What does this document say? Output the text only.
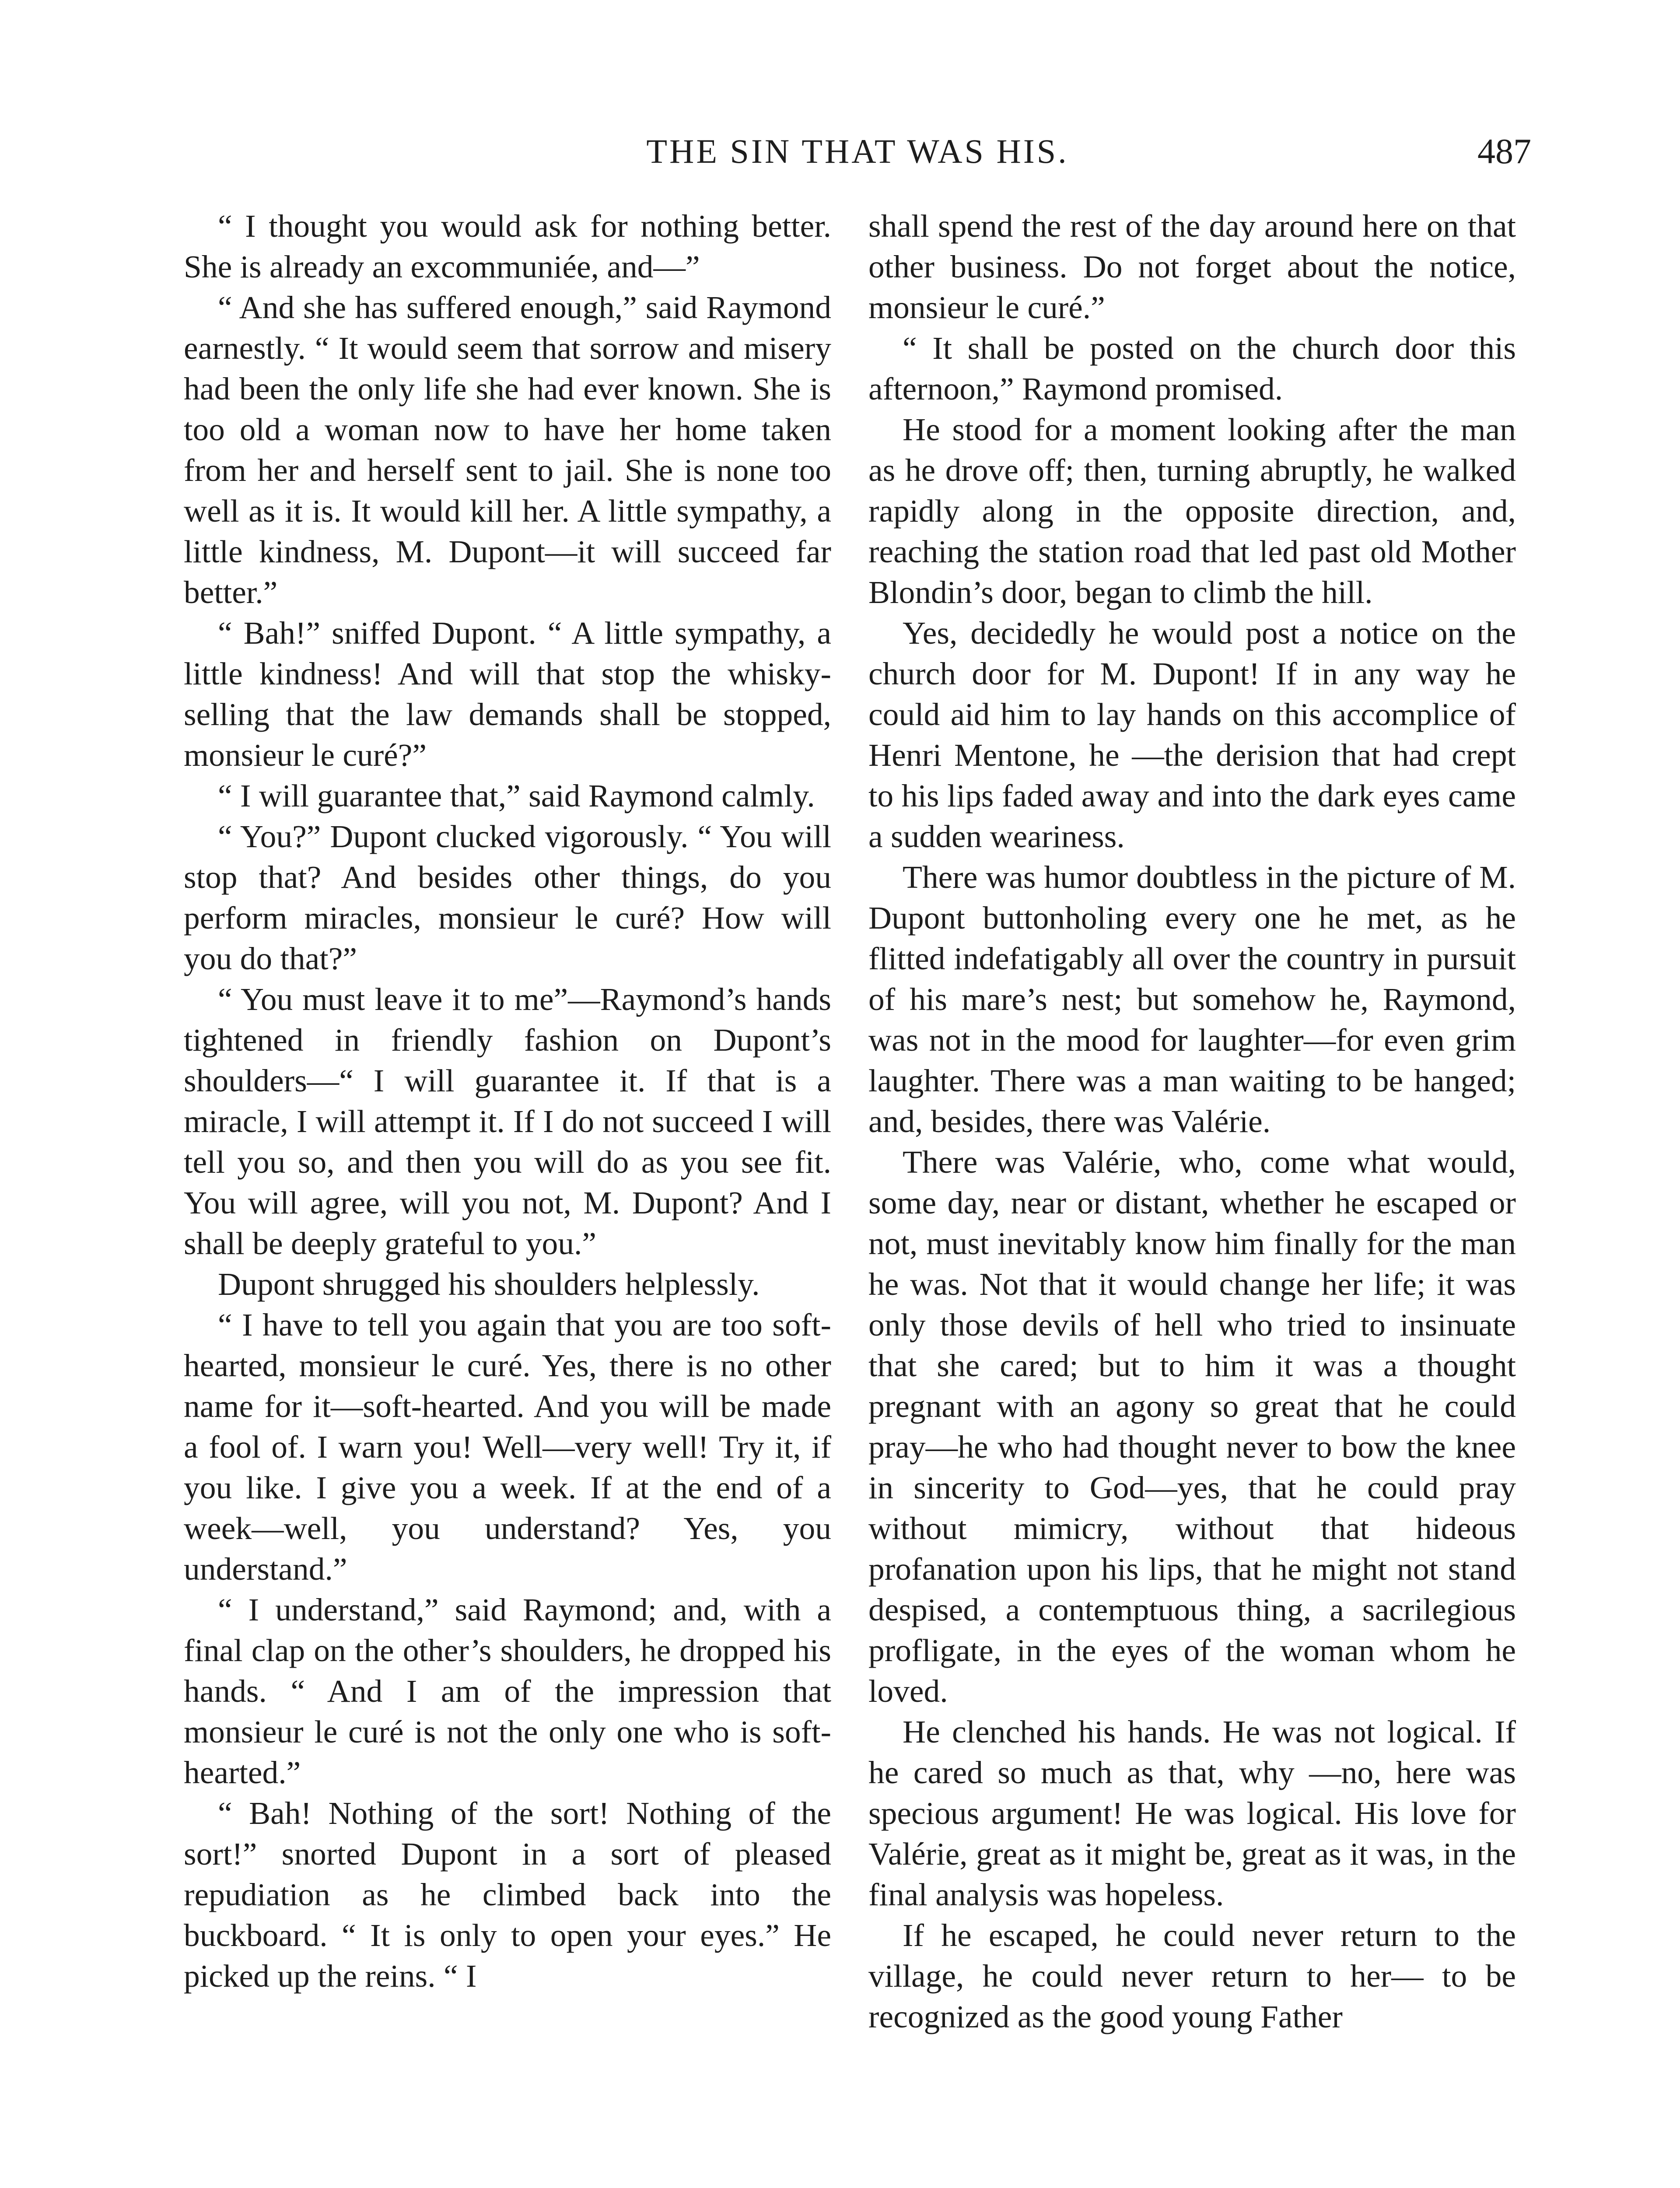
THE SIN THAT WAS HIS.	487

“ I thought you would ask for nothing better. She is already an excommuniée, and—”

“ And she has suffered enough,” said Raymond earnestly. “ It would seem that sorrow and misery had been the only life she had ever known. She is too old a woman now to have her home taken from her and herself sent to jail. She is none too well as it is. It would kill her. A little sympathy, a little kindness, M. Dupont—it will succeed far better.”

“ Bah!” sniffed Dupont. “ A little sympathy, a little kindness! And will that stop the whisky-selling that the law demands shall be stopped, monsieur le curé?”

“ I will guarantee that,” said Raymond calmly.

“ You?” Dupont clucked vigorously. “ You will stop that? And besides other things, do you perform miracles, monsieur le curé? How will you do that?”

“ You must leave it to me”—Raymond’s hands tightened in friendly fashion on Dupont’s shoulders—“ I will guarantee it. If that is a miracle, I will attempt it. If I do not succeed I will tell you so, and then you will do as you see fit. You will agree, will you not, M. Dupont? And I shall be deeply grateful to you.”

Dupont shrugged his shoulders helplessly.

“ I have to tell you again that you are too soft-hearted, monsieur le curé. Yes, there is no other name for it—soft-hearted. And you will be made a fool of. I warn you! Well—very well! Try it, if you like. I give you a week. If at the end of a week—well, you understand? Yes, you understand.”

“ I understand,” said Raymond; and, with a final clap on the other’s shoulders, he dropped his hands. “ And I am of the impression that monsieur le curé is not the only one who is soft-hearted.”

“ Bah! Nothing of the sort! Nothing of the sort!” snorted Dupont in a sort of pleased repudiation as he climbed back into the buckboard. “ It is only to open your eyes.” He picked up the reins. “ I

shall spend the rest of the day around here on that other business. Do not forget about the notice, monsieur le curé.”

“ It shall be posted on the church door this afternoon,” Raymond promised.

He stood for a moment looking after the man as he drove off; then, turning abruptly, he walked rapidly along in the opposite direction, and, reaching the station road that led past old Mother Blondin’s door, began to climb the hill.

Yes, decidedly he would post a notice on the church door for M. Dupont! If in any way he could aid him to lay hands on this accomplice of Henri Mentone, he —the derision that had crept to his lips faded away and into the dark eyes came a sudden weariness.

There was humor doubtless in the picture of M. Dupont buttonholing every one he met, as he flitted indefatigably all over the country in pursuit of his mare’s nest; but somehow he, Raymond, was not in the mood for laughter—for even grim laughter. There was a man waiting to be hanged; and, besides, there was Valérie.

There was Valérie, who, come what would, some day, near or distant, whether he escaped or not, must inevitably know him finally for the man he was. Not that it would change her life; it was only those devils of hell who tried to insinuate that she cared; but to him it was a thought pregnant with an agony so great that he could pray—he who had thought never to bow the knee in sincerity to God—yes, that he could pray without mimicry, without that hideous profanation upon his lips, that he might not stand despised, a contemptuous thing, a sacrilegious profligate, in the eyes of the woman whom he loved.

He clenched his hands. He was not logical. If he cared so much as that, why —no, here was specious argument! He was logical. His love for Valérie, great as it might be, great as it was, in the final analysis was hopeless.

If he escaped, he could never return to the village, he could never return to her— to be recognized as the good young Father
